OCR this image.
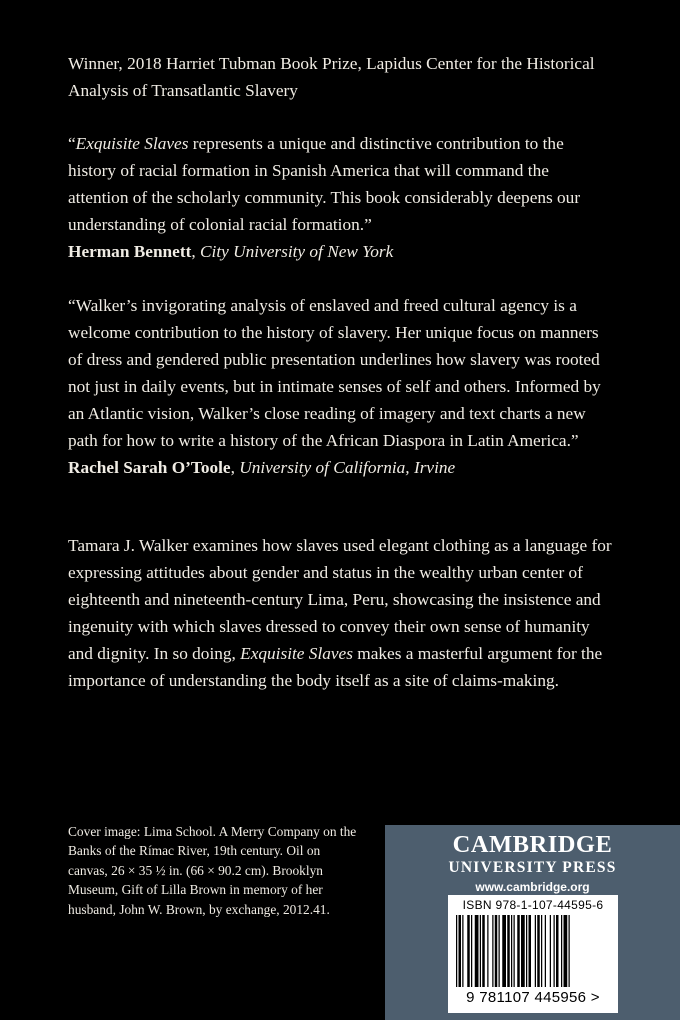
Winner, 2018 Harriet Tubman Book Prize, Lapidus Center for the Historical Analysis of Transatlantic Slavery

“Exquisite Slaves represents a unique and distinctive contribution to the history of racial formation in Spanish America that will command the attention of the scholarly community. This book considerably deepens our understanding of colonial racial formation.”

Herman Bennett, City University of New York

“Walker’s invigorating analysis of enslaved and freed cultural agency is a welcome contribution to the history of slavery. Her unique focus on manners of dress and gendered public presentation underlines how slavery was rooted not just in daily events, but in intimate senses of self and others. Informed by an Atlantic vision, Walker’s close reading of imagery and text charts a new path for how to write a history of the African Diaspora in Latin America.”

Rachel Sarah O’Toole, University of California, Irvine

Tamara J. Walker examines how slaves used elegant clothing as a language for expressing attitudes about gender and status in the wealthy urban center of eighteenth and nineteenth-century Lima, Peru, showcasing the insistence and ingenuity with which slaves dressed to convey their own sense of humanity and dignity. In so doing, Exquisite Slaves makes a masterful argument for the importance of understanding the body itself as a site of claims-making.

Cover image: Lima School. A Merry Company on the Banks of the Rímac River, 19th century. Oil on canvas, 26 × 35 ½ in. (66 × 90.2 cm). Brooklyn Museum, Gift of Lilla Brown in memory of her husband, John W. Brown, by exchange, 2012.41.
CAMBRIDGE
UNIVERSITY PRESS
www.cambridge.org
ISBN 978-1-107-44595-6
9 781107 445956 >
